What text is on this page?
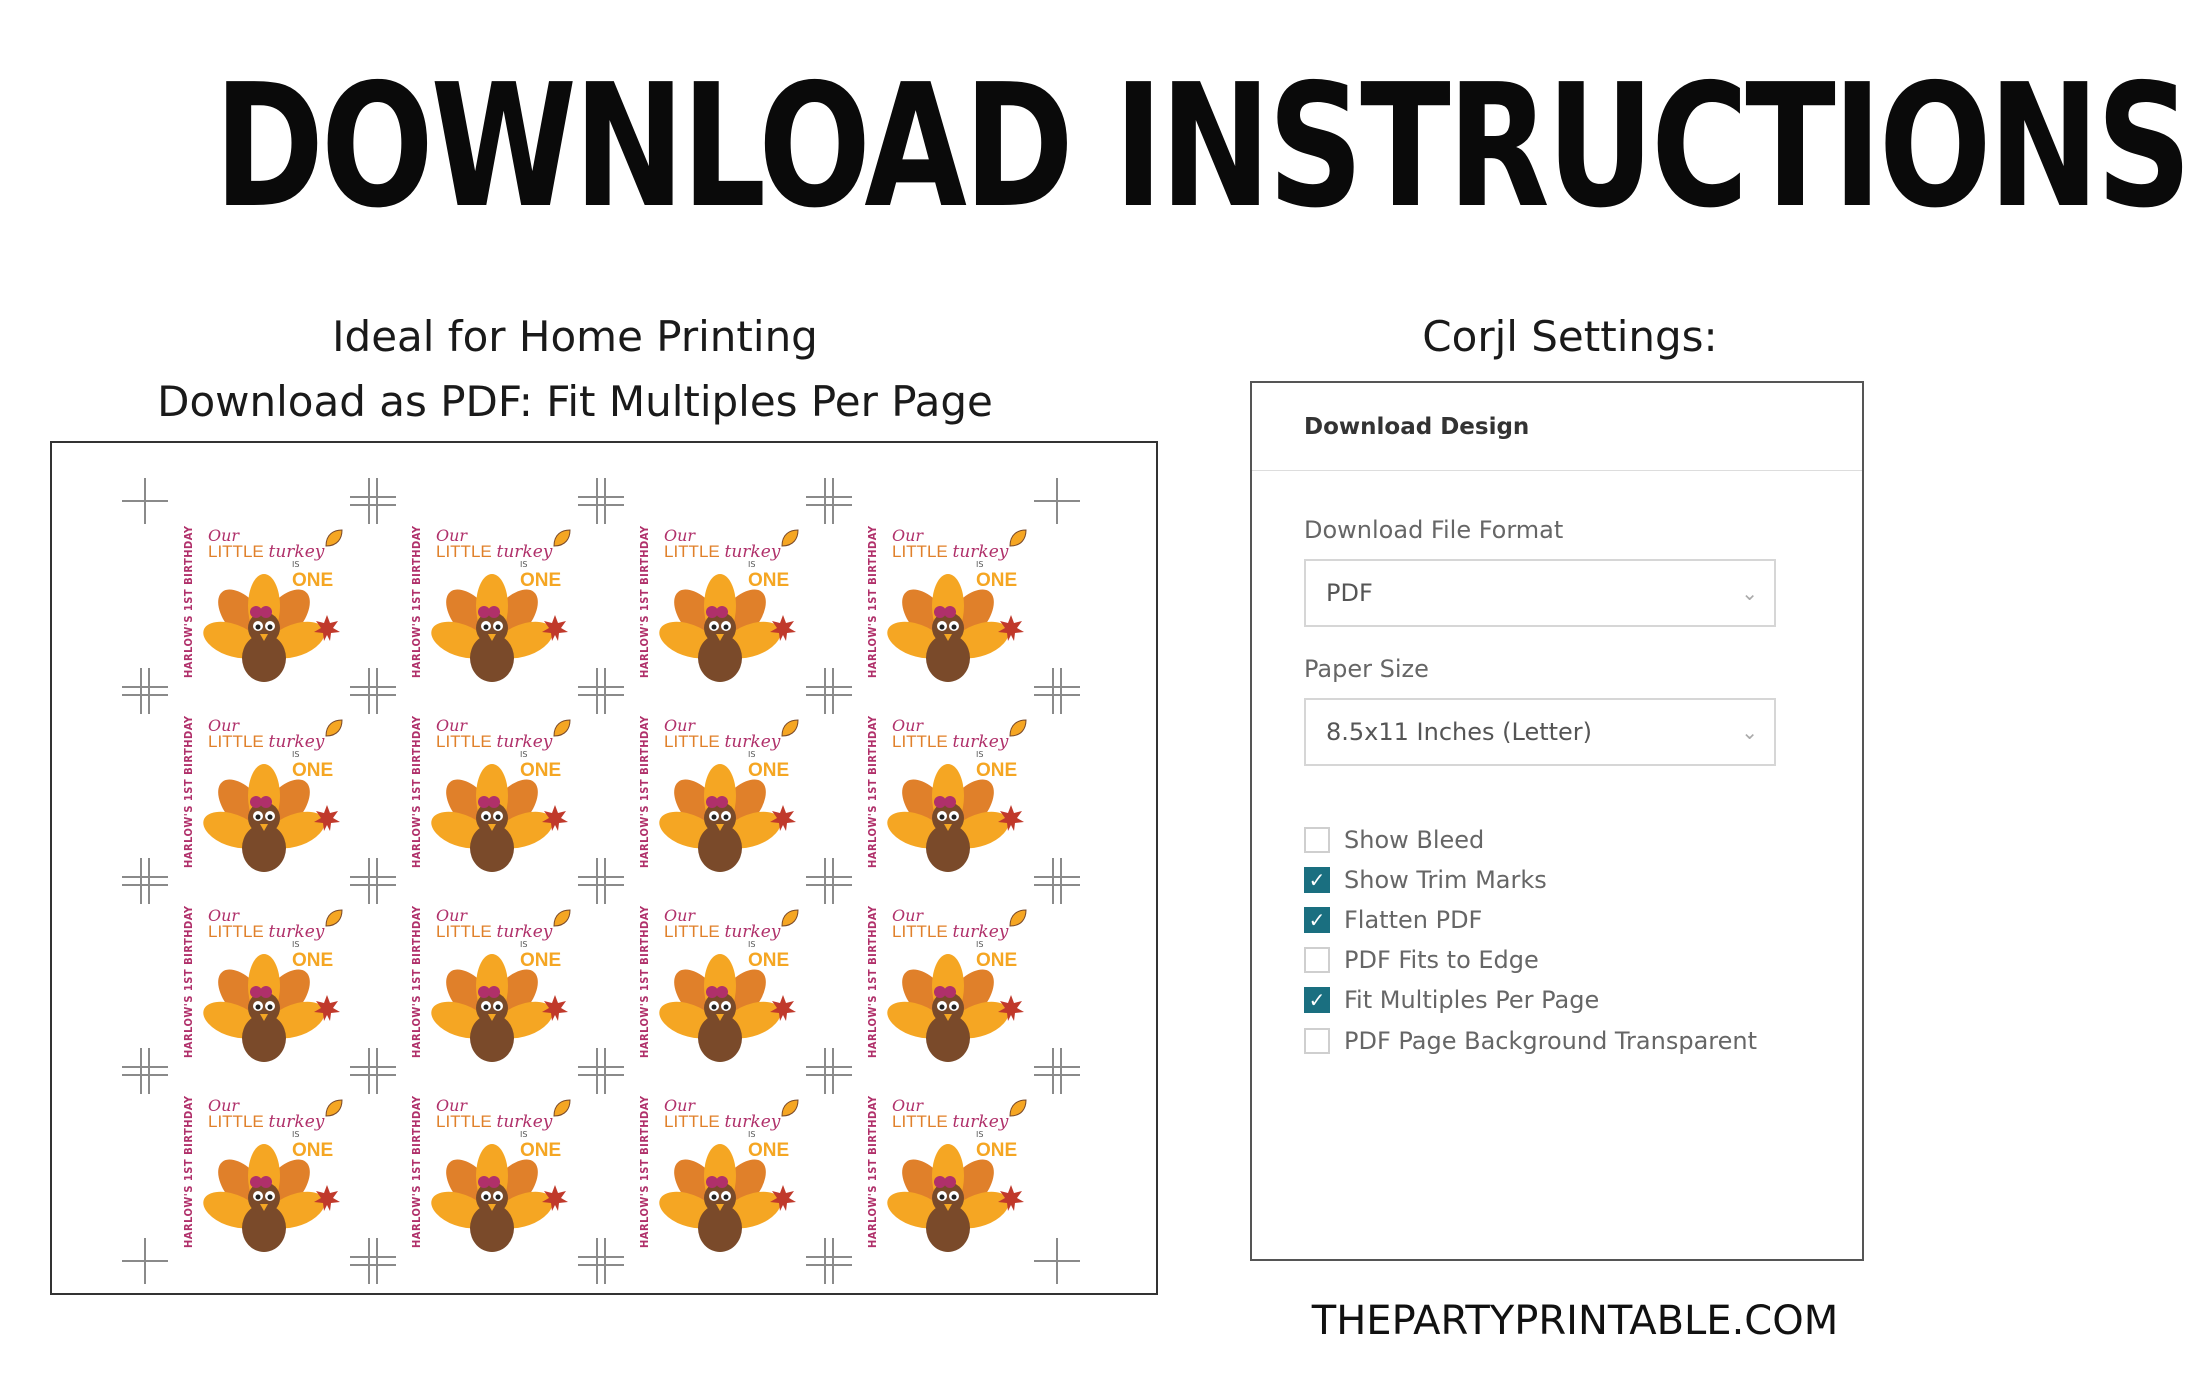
DOWNLOAD INSTRUCTIONS
Ideal for Home Printing
Download as PDF: Fit Multiples Per Page
Corjl Settings:
HARLOW'S 1ST BIRTHDAY Our
LITTLE turkey
IS
ONE	HARLOW'S 1ST BIRTHDAY Our
LITTLE turkey
IS
ONE	HARLOW'S 1ST BIRTHDAY Our
LITTLE turkey
IS
ONE	HARLOW'S 1ST BIRTHDAY Our
LITTLE turkey
IS
ONE
HARLOW'S 1ST BIRTHDAY Our
LITTLE turkey
IS
ONE	HARLOW'S 1ST BIRTHDAY Our
LITTLE turkey
IS
ONE	HARLOW'S 1ST BIRTHDAY Our
LITTLE turkey
IS
ONE	HARLOW'S 1ST BIRTHDAY Our
LITTLE turkey
IS
ONE
HARLOW'S 1ST BIRTHDAY Our
LITTLE turkey
IS
ONE	HARLOW'S 1ST BIRTHDAY Our
LITTLE turkey
IS
ONE	HARLOW'S 1ST BIRTHDAY Our
LITTLE turkey
IS
ONE	HARLOW'S 1ST BIRTHDAY Our
LITTLE turkey
IS
ONE
HARLOW'S 1ST BIRTHDAY Our
LITTLE turkey
IS
ONE	HARLOW'S 1ST BIRTHDAY Our
LITTLE turkey
IS
ONE	HARLOW'S 1ST BIRTHDAY Our
LITTLE turkey
IS
ONE	HARLOW'S 1ST BIRTHDAY Our
LITTLE turkey
IS
ONE
Download Design
Download File Format
PDF	⌄
Paper Size
8.5x11 Inches (Letter)	⌄
Show Bleed
✓ Show Trim Marks
✓ Flatten PDF
PDF Fits to Edge
✓ Fit Multiples Per Page
PDF Page Background Transparent
THEPARTYPRINTABLE.COM
